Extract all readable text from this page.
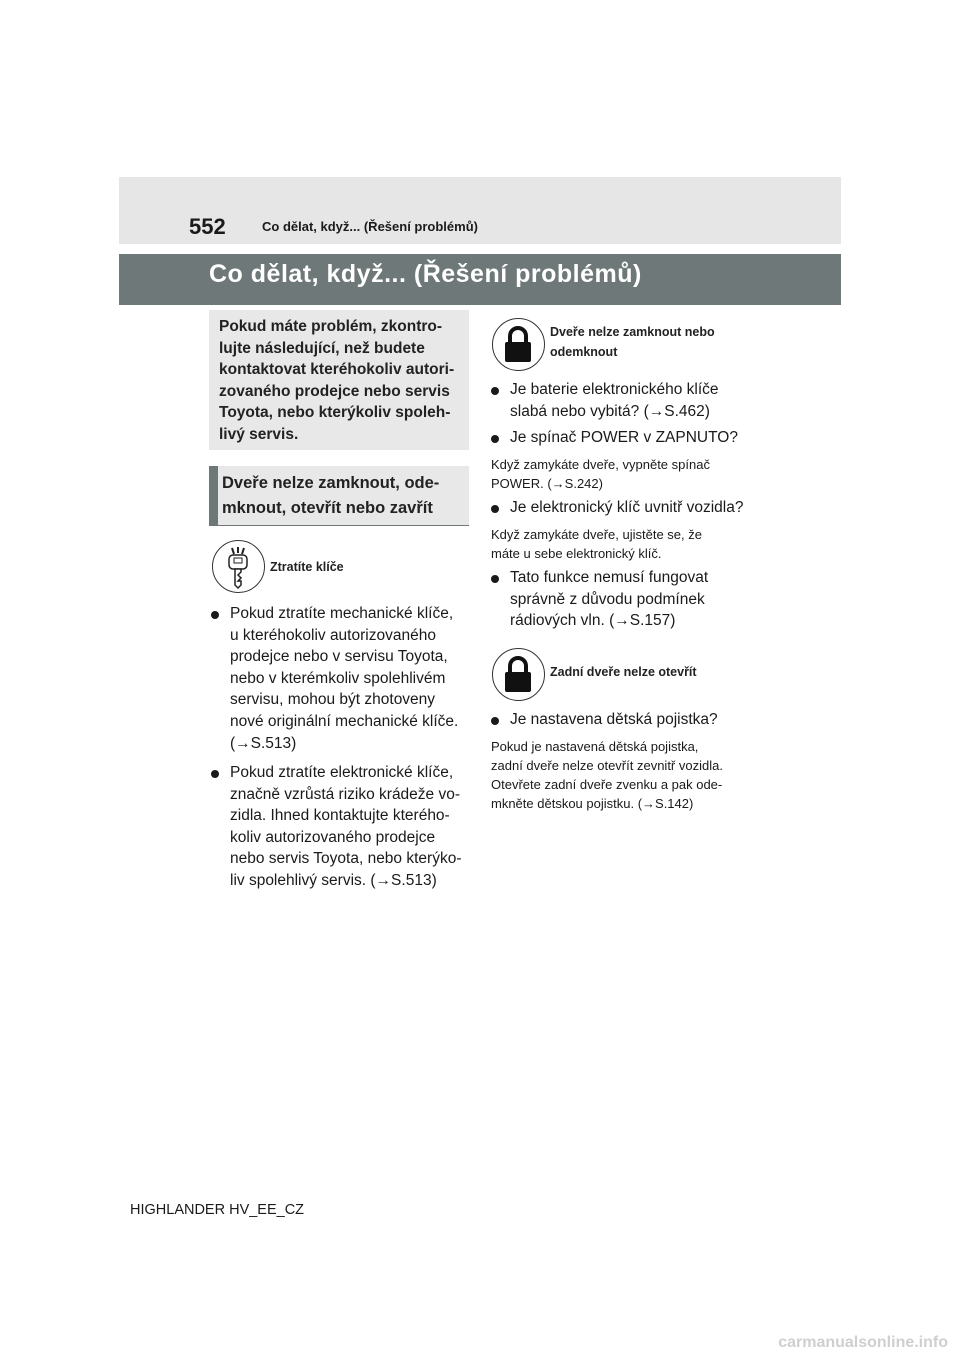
552	Co dělat, když... (Řešení problémů)
Co dělat, když... (Řešení problémů)
Pokud máte problém, zkontro-
lujte následující, než budete
kontaktovat kteréhokoliv autori-
zovaného prodejce nebo servis
Toyota, nebo kterýkoliv spoleh-
livý servis.
Dveře nelze zamknout, ode-
mknout, otevřít nebo zavřít
Ztratíte klíče
Pokud ztratíte mechanické klíče,
u kteréhokoliv autorizovaného
prodejce nebo v servisu Toyota,
nebo v kterémkoliv spolehlivém
servisu, mohou být zhotoveny
nové originální mechanické klíče.
(→S.513)
Pokud ztratíte elektronické klíče,
značně vzrůstá riziko krádeže vo-
zidla. Ihned kontaktujte kterého-
koliv autorizovaného prodejce
nebo servis Toyota, nebo kterýko-
liv spolehlivý servis. (→S.513)
Dveře nelze zamknout nebo
odemknout
Je baterie elektronického klíče
slabá nebo vybitá? (→S.462)
Je spínač POWER v ZAPNUTO?
Když zamykáte dveře, vypněte spínač
POWER. (→S.242)
Je elektronický klíč uvnitř vozidla?
Když zamykáte dveře, ujistěte se, že
máte u sebe elektronický klíč.
Tato funkce nemusí fungovat
správně z důvodu podmínek
rádiových vln. (→S.157)
Zadní dveře nelze otevřít
Je nastavena dětská pojistka?
Pokud je nastavená dětská pojistka,
zadní dveře nelze otevřít zevnitř vozidla.
Otevřete zadní dveře zvenku a pak ode-
mkněte dětskou pojistku. (→S.142)
HIGHLANDER HV_EE_CZ
carmanualsonline.info
